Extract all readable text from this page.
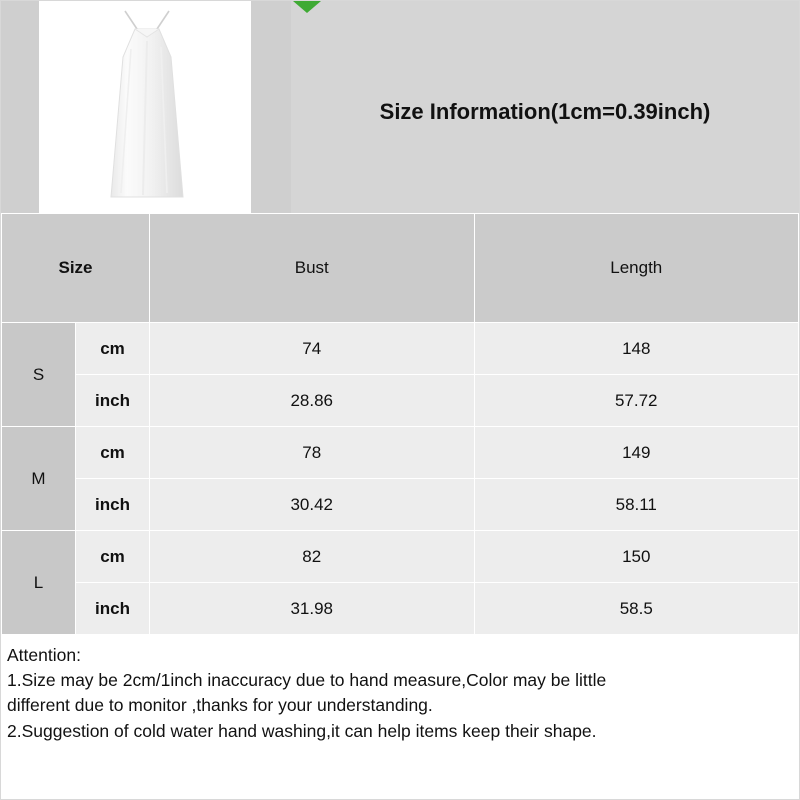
Size Information(1cm=0.39inch)
Size		Bust	Length
S	cm	74	148
	inch	28.86	57.72
M	cm	78	149
	inch	30.42	58.11
L	cm	82	150
	inch	31.98	58.5
Attention:
1.Size may be 2cm/1inch inaccuracy due to hand measure,Color may be little
different due to monitor ,thanks for your understanding.
2.Suggestion of cold water hand washing,it can help items keep their shape.
